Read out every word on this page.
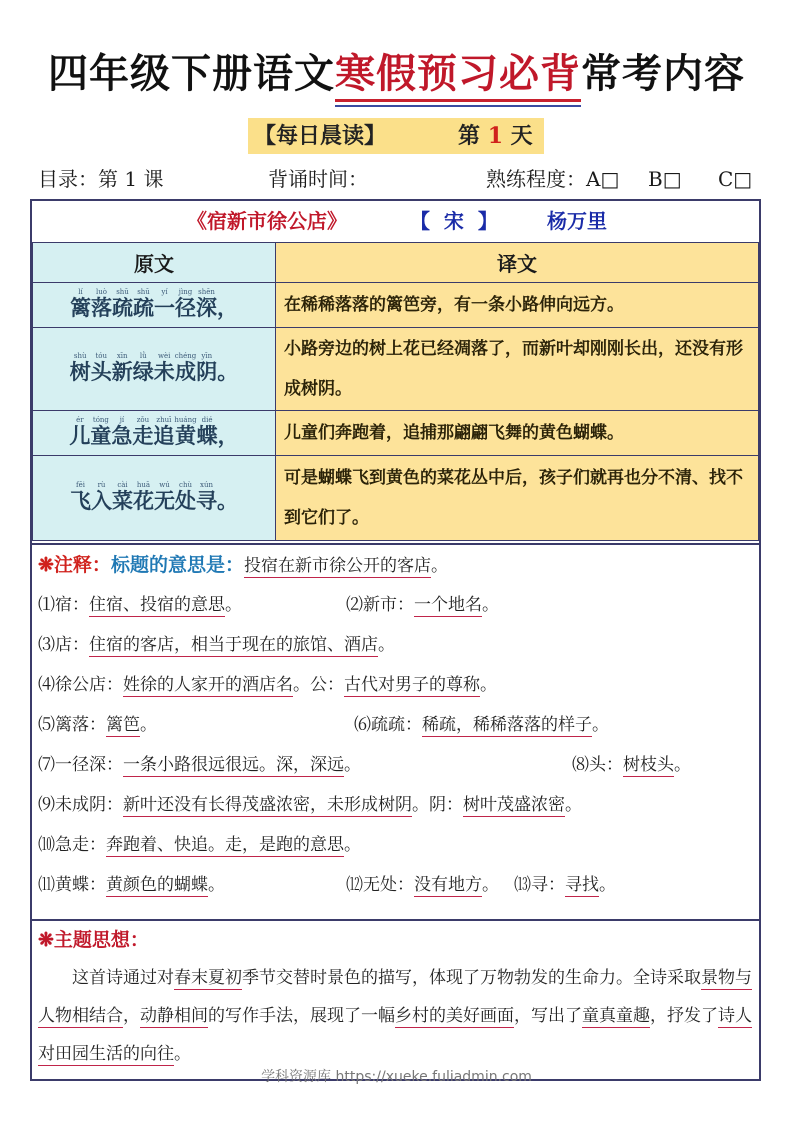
四年级下册语文寒假预习必背常考内容
【每日晨读】	第 1 天
目录：第 1 课	背诵时间：	熟练程度：A□ B□ C□
《宿新市徐公店》	【  宋  】 杨万里
原文	译文
篱lí落luò疏shū疏shū一yí径jìng深shēn，	在稀稀落落的篱笆旁，有一条小路伸向远方。
树shù头tóu新xīn绿lǜ未wèi成chéng阴yīn。	小路旁边的树上花已经凋落了，而新叶却刚刚长出，还没有形成树阴。
儿ér童tóng急jí走zǒu追zhuī黄huáng蝶dié，	儿童们奔跑着，追捕那翩翩飞舞的黄色蝴蝶。
飞fēi入rù菜cài花huā无wú处chù寻xún。	可是蝴蝶飞到黄色的菜花丛中后，孩子们就再也分不清、找不到它们了。
❋注释：标题的意思是：投宿在新市徐公开的客店。
⑴宿：住宿、投宿的意思。	⑵新市：一个地名。
⑶店：住宿的客店，相当于现在的旅馆、酒店。
⑷徐公店：姓徐的人家开的酒店名。公：古代对男子的尊称。
⑸篱落：篱笆。	⑹疏疏：稀疏，稀稀落落的样子。
⑺一径深：一条小路很远很远。深，深远。	⑻头：树枝头。
⑼未成阴：新叶还没有长得茂盛浓密，未形成树阴。阴：树叶茂盛浓密。
⑽急走：奔跑着、快追。走，是跑的意思。
⑾黄蝶：黄颜色的蝴蝶。	⑿无处：没有地方。 ⒀寻：寻找。
❋主题思想：
　　这首诗通过对春末夏初季节交替时景色的描写，体现了万物勃发的生命力。全诗采取景物与人物相结合，动静相间的写作手法，展现了一幅乡村的美好画面，写出了童真童趣，抒发了诗人对田园生活的向往。
学科资源库 https://xueke.fuliadmin.com
